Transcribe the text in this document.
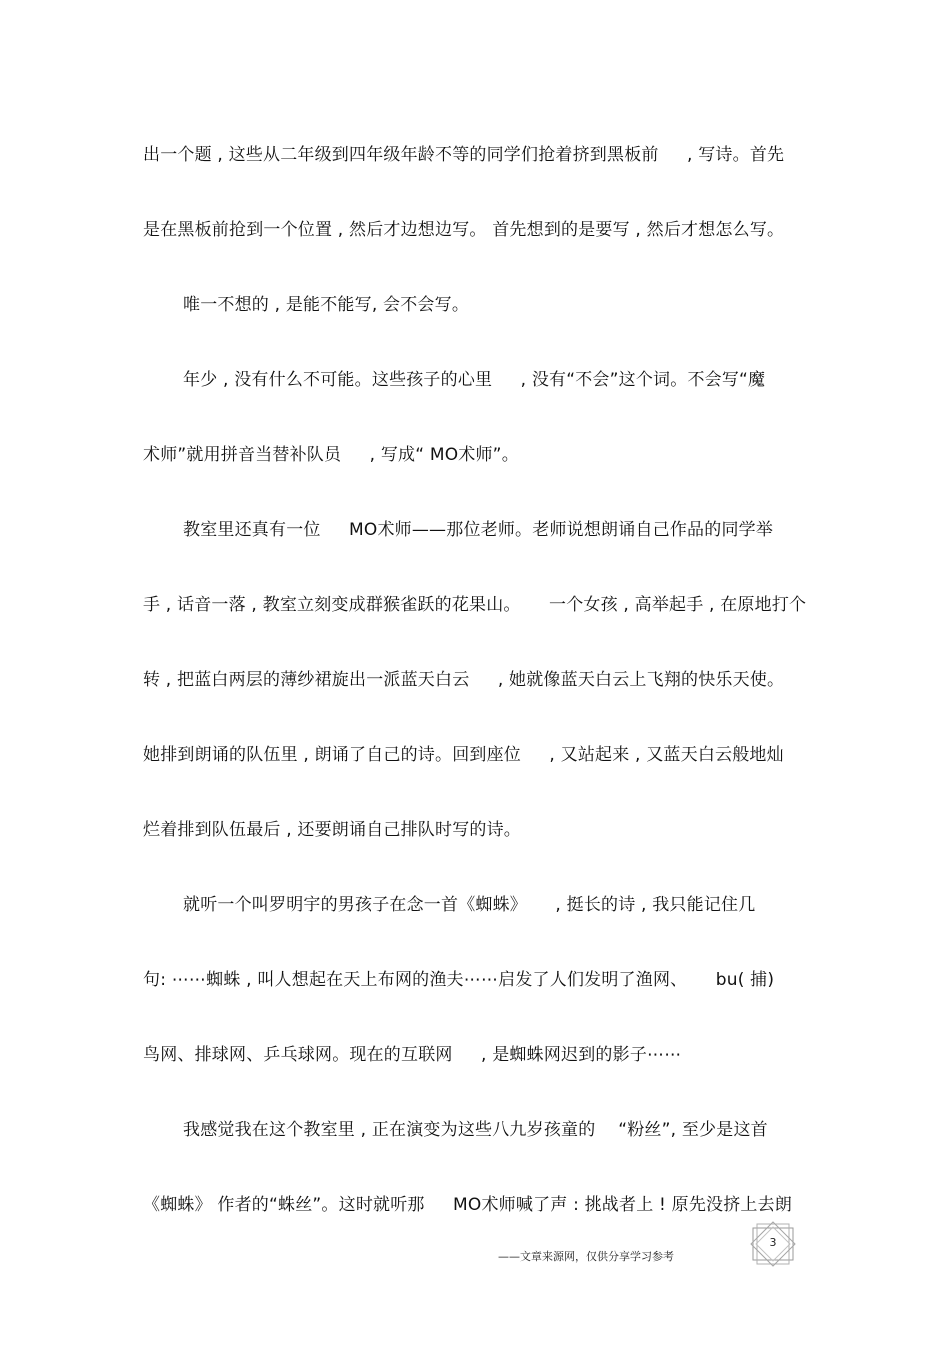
出一个题 , 这些从二年级到四年级年龄不等的同学们抢着挤到黑板前 　 , 写诗。首先
是在黑板前抢到一个位置 , 然后才边想边写。 首先想到的是要写 , 然后才想怎么写。
　 　唯一不想的 , 是能不能写, 会不会写。
　 　年少 , 没有什么不可能。这些孩子的心里 　 , 没有“不会”这个词。不会写“魔
术师”就用拼音当替补队员 　 , 写成“ MO术师”。
　 　教室里还真有一位 　 MO术师——那位老师。老师说想朗诵自己作品的同学举
手 , 话音一落 , 教室立刻变成群猴雀跃的花果山。 　 一个女孩 , 高举起手 , 在原地打个
转 , 把蓝白两层的薄纱裙旋出一派蓝天白云 　 , 她就像蓝天白云上飞翔的快乐天使。
她排到朗诵的队伍里 , 朗诵了自己的诗。回到座位 　 , 又站起来 , 又蓝天白云般地灿
烂着排到队伍最后 , 还要朗诵自己排队时写的诗。
　 　就听一个叫罗明宇的男孩子在念一首《蜘蛛》 　 , 挺长的诗 , 我只能记住几
句: ⋯⋯蜘蛛 , 叫人想起在天上布网的渔夫⋯⋯启发了人们发明了渔网、 　 bu( 捕)
鸟网、排球网、乒乓球网。现在的互联网 　 , 是蜘蛛网迟到的影子⋯⋯
　 　我感觉我在这个教室里 , 正在演变为这些八九岁孩童的 　“粉丝”, 至少是这首
《蜘蛛》 作者的“蛛丝”。这时就听那 　 MO术师喊了声 : 挑战者上 ! 原先没挤上去朗
——文章来源网，仅供分享学习参考
3
